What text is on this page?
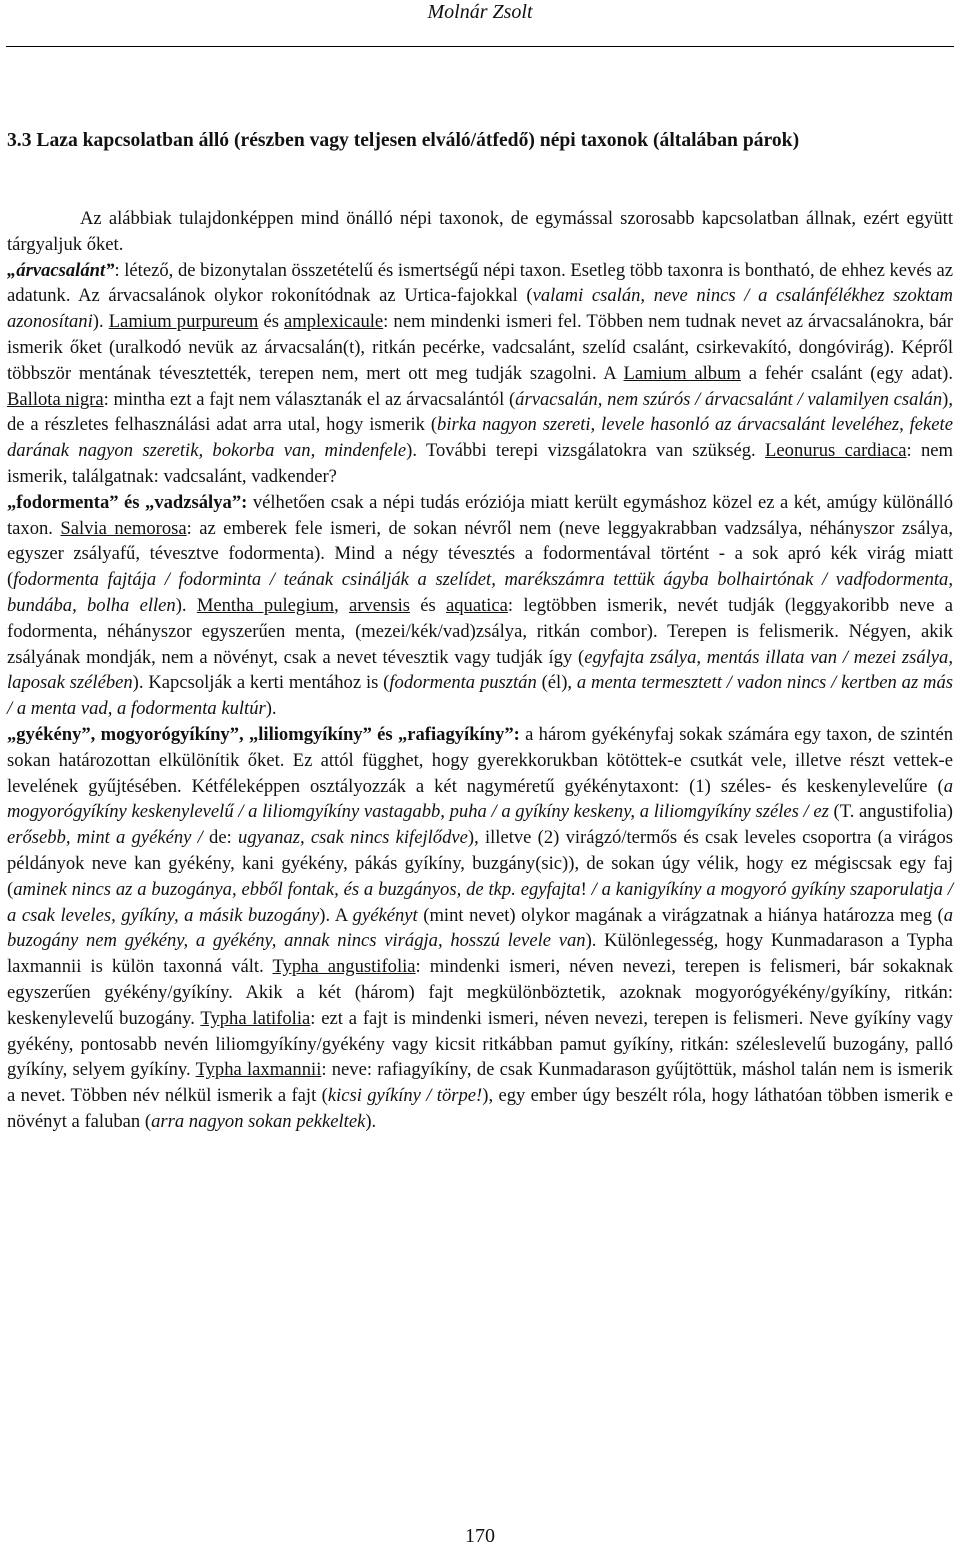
Molnár Zsolt
3.3 Laza kapcsolatban álló (részben vagy teljesen elváló/átfedő) népi taxonok (általában párok)

Az alábbiak tulajdonképpen mind önálló népi taxonok, de egymással szorosabb kapcsolatban állnak, ezért együtt tárgyaljuk őket.

„árvacsalánt”: létező, de bizonytalan összetételű és ismertségű népi taxon. Esetleg több taxonra is bontható, de ehhez kevés az adatunk. Az árvacsalánok olykor rokonítódnak az Urtica-fajokkal (valami csalán, neve nincs / a csalánfélékhez szoktam azonosítani). Lamium purpureum és amplexicaule: nem mindenki ismeri fel. Többen nem tudnak nevet az árvacsalánokra, bár ismerik őket (uralkodó nevük az árvacsalán(t), ritkán pecérke, vadcsalánt, szelíd csalánt, csirkevakító, dongóvirág). Képről többször mentának tévesztették, terepen nem, mert ott meg tudják szagolni. A Lamium album a fehér csalánt (egy adat). Ballota nigra: mintha ezt a fajt nem választanák el az árvacsalántól (árvacsalán, nem szúrós / árvacsalánt / valamilyen csalán), de a részletes felhasználási adat arra utal, hogy ismerik (birka nagyon szereti, levele hasonló az árvacsalánt leveléhez, fekete darának nagyon szeretik, bokorba van, mindenfele). További terepi vizsgálatokra van szükség. Leonurus cardiaca: nem ismerik, találgatnak: vadcsalánt, vadkender?

„fodormenta” és „vadzsálya”: vélhetően csak a népi tudás eróziója miatt került egymáshoz közel ez a két, amúgy különálló taxon. Salvia nemorosa: az emberek fele ismeri, de sokan névről nem (neve leggyakrabban vadzsálya, néhányszor zsálya, egyszer zsályafű, tévesztve fodormenta). Mind a négy tévesztés a fodormentával történt - a sok apró kék virág miatt (fodormenta fajtája / fodorminta / teának csinálják a szelídet, marékszámra tettük ágyba bolhairtónak / vadfodormenta, bundába, bolha ellen). Mentha pulegium, arvensis és aquatica: legtöbben ismerik, nevét tudják (leggyakoribb neve a fodormenta, néhányszor egyszerűen menta, (mezei/kék/vad)zsálya, ritkán combor). Terepen is felismerik. Négyen, akik zsályának mondják, nem a növényt, csak a nevet tévesztik vagy tudják így (egyfajta zsálya, mentás illata van / mezei zsálya, laposak szélében). Kapcsolják a kerti mentához is (fodormenta pusztán (él), a menta termesztett / vadon nincs / kertben az más / a menta vad, a fodormenta kultúr).

„gyékény”, mogyorógyíkíny”, „liliomgyíkíny” és „rafiagyíkíny”: a három gyékényfaj sokak számára egy taxon, de szintén sokan határozottan elkülönítik őket. Ez attól függhet, hogy gyerekkorukban kötöttek-e csutkát vele, illetve részt vettek-e levelének gyűjtésében. Kétféleképpen osztályozzák a két nagyméretű gyékénytaxont: (1) széles- és keskenylevelűre (a mogyorógyíkíny keskenylevelű / a liliomgyíkíny vastagabb, puha / a gyíkíny keskeny, a liliomgyíkíny széles / ez (T. angustifolia) erősebb, mint a gyékény / de: ugyanaz, csak nincs kifejlődve), illetve (2) virágzó/termős és csak leveles csoportra (a virágos példányok neve kan gyékény, kani gyékény, pákás gyíkíny, buzgány(sic)), de sokan úgy vélik, hogy ez mégiscsak egy faj (aminek nincs az a buzogánya, ebből fontak, és a buzgányos, de tkp. egyfajta! / a kanigyíkíny a mogyoró gyíkíny szaporulatja / a csak leveles, gyíkíny, a másik buzogány). A gyékényt (mint nevet) olykor magának a virágzatnak a hiánya határozza meg (a buzogány nem gyékény, a gyékény, annak nincs virágja, hosszú levele van). Különlegesség, hogy Kunmadarason a Typha laxmannii is külön taxonná vált. Typha angustifolia: mindenki ismeri, néven nevezi, terepen is felismeri, bár sokaknak egyszerűen gyékény/gyíkíny. Akik a két (három) fajt megkülönböztetik, azoknak mogyorógyékény/gyíkíny, ritkán: keskenylevelű buzogány. Typha latifolia: ezt a fajt is mindenki ismeri, néven nevezi, terepen is felismeri. Neve gyíkíny vagy gyékény, pontosabb nevén liliomgyíkíny/gyékény vagy kicsit ritkábban pamut gyíkíny, ritkán: széleslevelű buzogány, palló gyíkíny, selyem gyíkíny. Typha laxmannii: neve: rafiagyíkíny, de csak Kunmadarason gyűjtöttük, máshol talán nem is ismerik a nevet. Többen név nélkül ismerik a fajt (kicsi gyíkíny / törpe!), egy ember úgy beszélt róla, hogy láthatóan többen ismerik e növényt a faluban (arra nagyon sokan pekkeltek).

170
